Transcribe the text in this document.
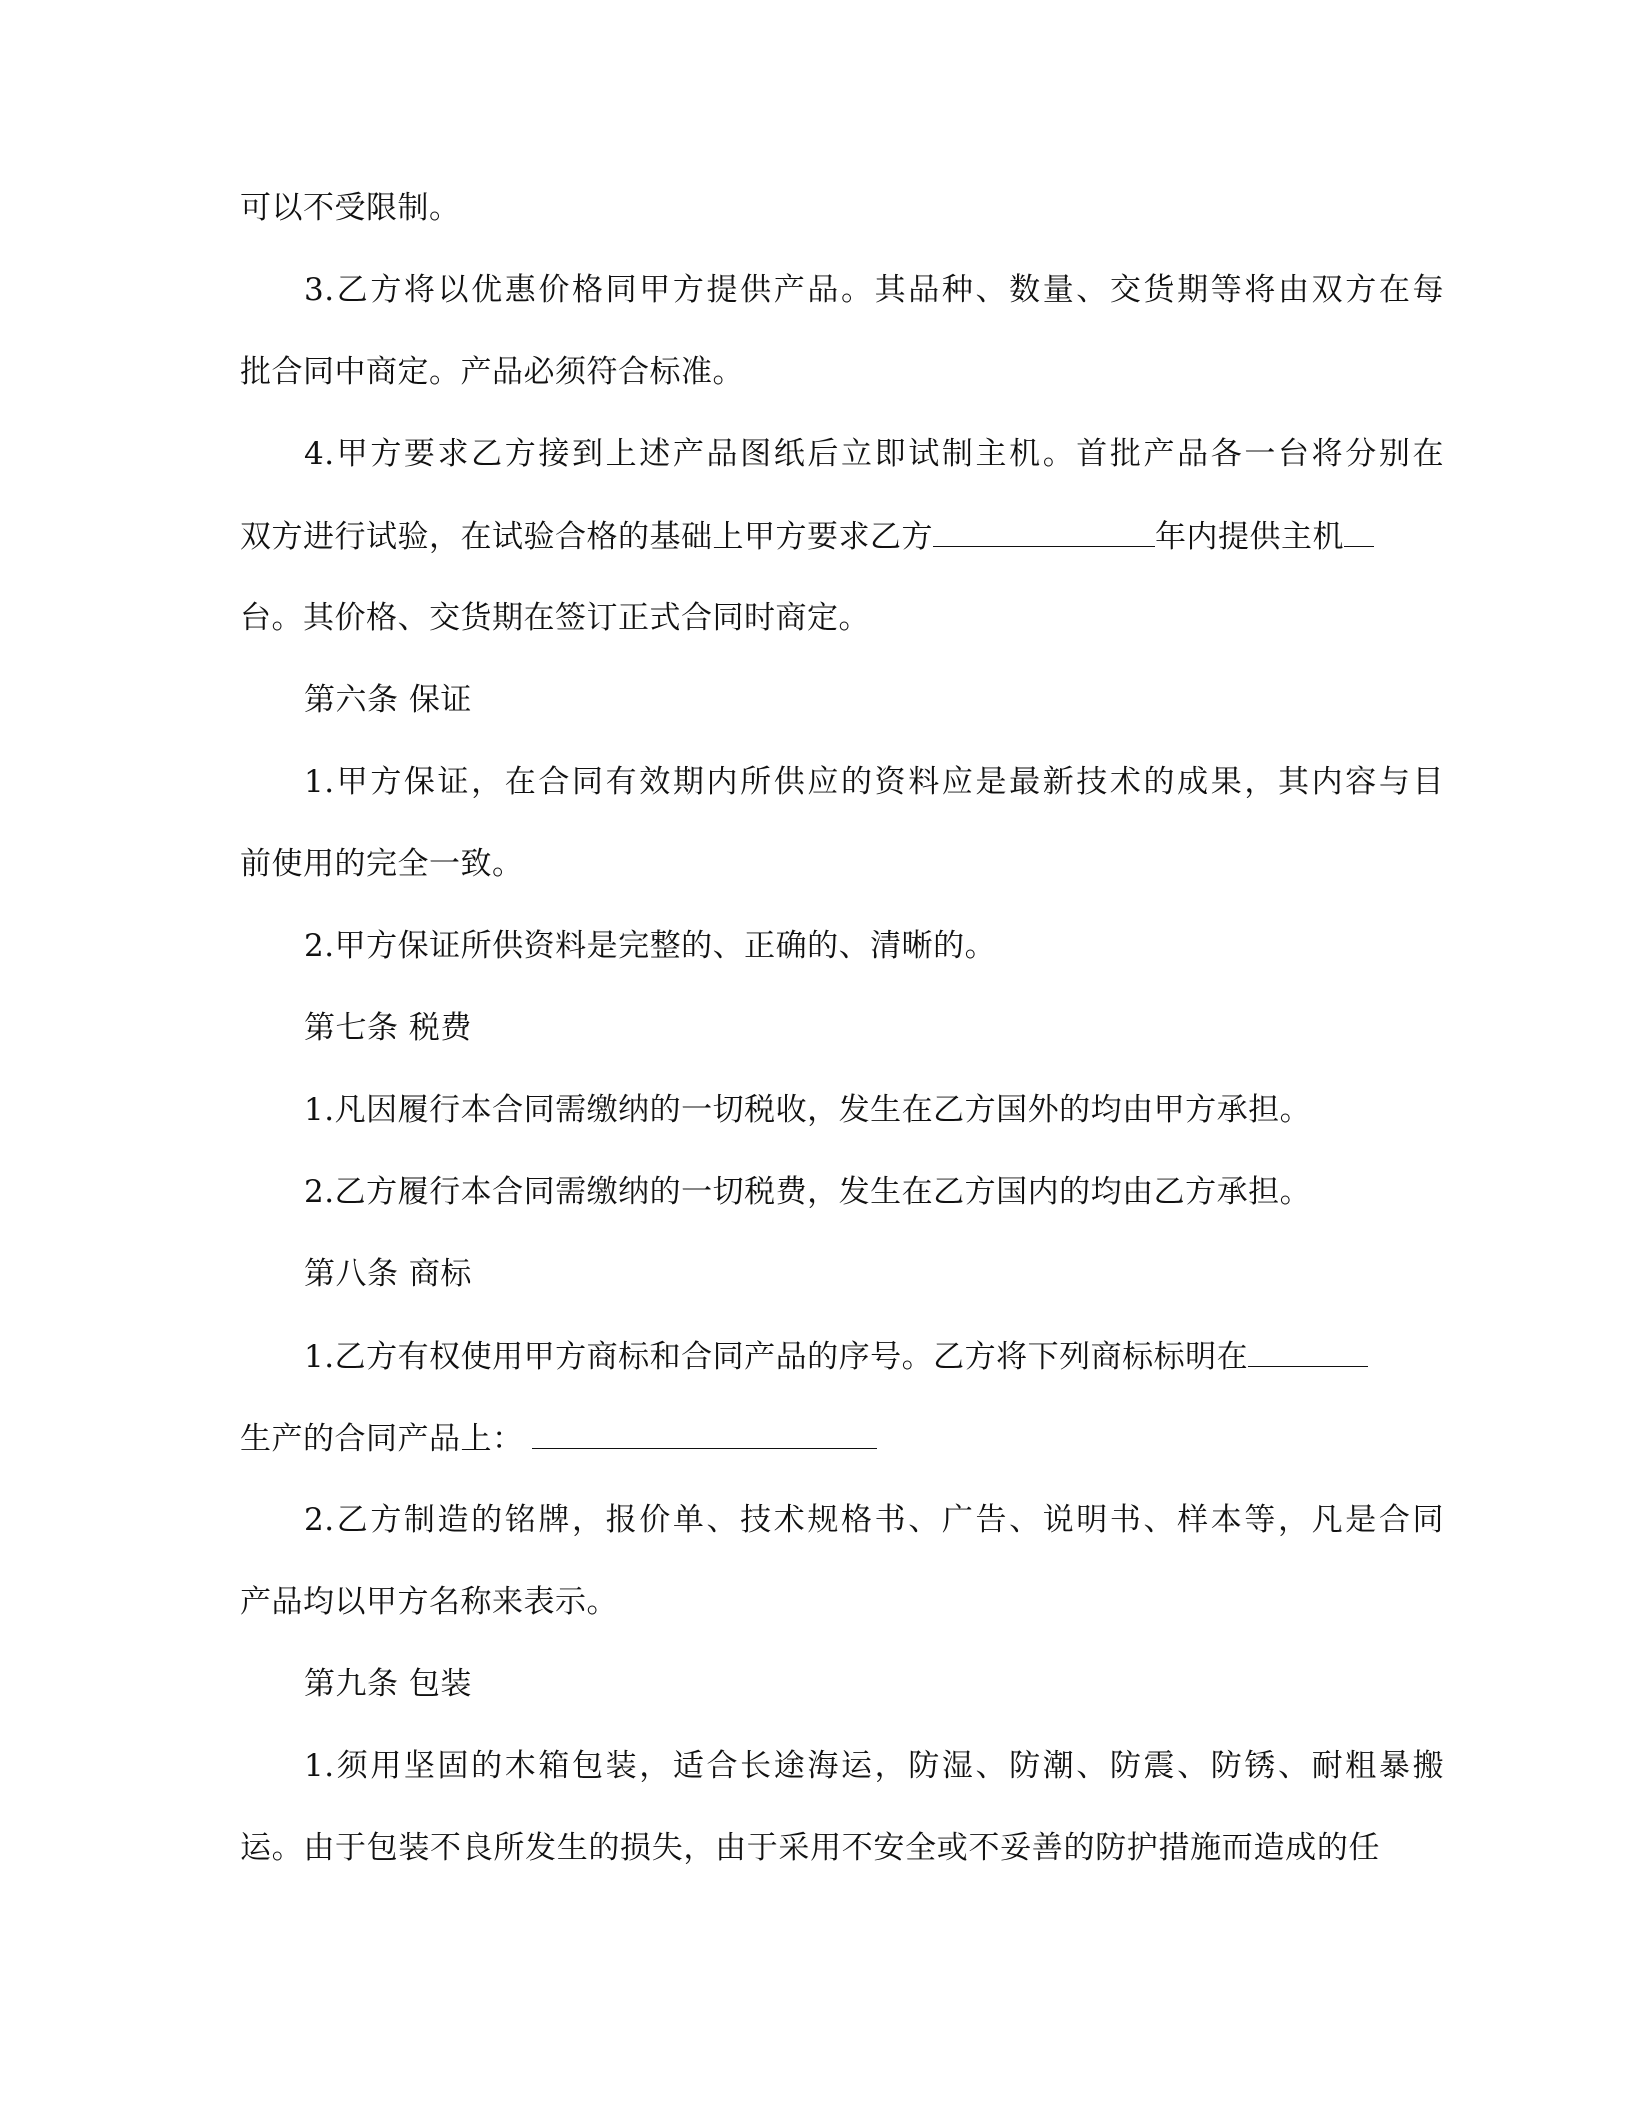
可以不受限制。
3.乙方将以优惠价格同甲方提供产品。其品种、数量、交货期等将由双方在每
批合同中商定。产品必须符合标准。
4.甲方要求乙方接到上述产品图纸后立即试制主机。首批产品各一台将分别在
双方进行试验，在试验合格的基础上甲方要求乙方	年内提供主机
台。其价格、交货期在签订正式合同时商定。
第六条 保证
1.甲方保证，在合同有效期内所供应的资料应是最新技术的成果，其内容与目
前使用的完全一致。
2.甲方保证所供资料是完整的、正确的、清晰的。
第七条 税费
1.凡因履行本合同需缴纳的一切税收，发生在乙方国外的均由甲方承担。
2.乙方履行本合同需缴纳的一切税费，发生在乙方国内的均由乙方承担。
第八条 商标
1.乙方有权使用甲方商标和合同产品的序号。乙方将下列商标标明在
生产的合同产品上：
2.乙方制造的铭牌，报价单、技术规格书、广告、说明书、样本等，凡是合同
产品均以甲方名称来表示。
第九条 包装
1.须用坚固的木箱包装，适合长途海运，防湿、防潮、防震、防锈、耐粗暴搬
运。由于包装不良所发生的损失，由于采用不安全或不妥善的防护措施而造成的任
